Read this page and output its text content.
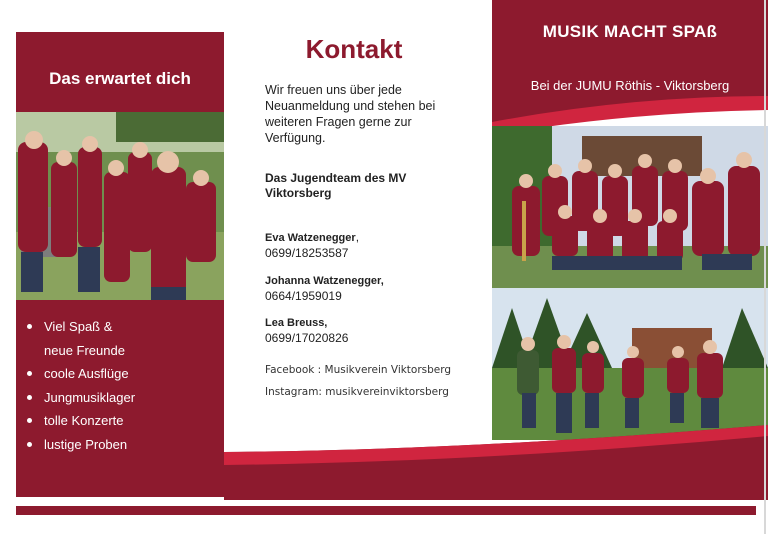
Das erwartet dich
Viel Spaß &
neue Freunde
coole Ausflüge
Jungmusiklager
tolle Konzerte
lustige Proben
Kontakt

Wir freuen uns über jede Neuanmeldung und stehen bei weiteren Fragen gerne zur Verfügung.

Das Jugendteam des MV Viktorsberg

Eva Watzenegger,
0699/18253587
Johanna Watzenegger,
0664/1959019
Lea Breuss,
0699/17020826
Facebook : Musikverein Viktorsberg
Instagram: musikvereinviktorsberg
MUSIK MACHT SPAß
Bei der JUMU Röthis - Viktorsberg
